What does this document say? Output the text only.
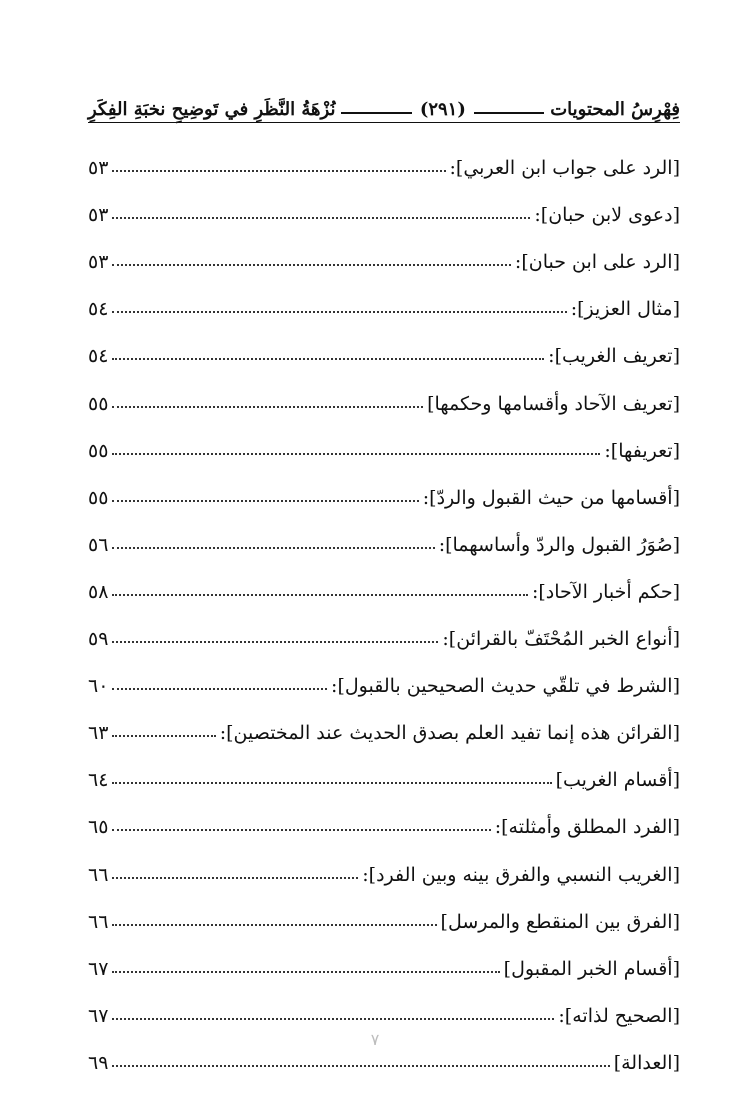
فِهْرِسُ المحتويات
(٢٩١)
نُزْهَةُ النَّظَرِ في تَوضِيحِ نخبَةِ الفِكَرِ
[الرد على جواب ابن العربي]:
٥٣
[دعوى لابن حبان]:
٥٣
[الرد على ابن حبان]:
٥٣
[مثال العزيز]:
٥٤
[تعريف الغريب]:
٥٤
[تعريف الآحاد وأقسامها وحكمها]
٥٥
[تعريفها]:
٥٥
[أقسامها من حيث القبول والردّ]:
٥٥
[صُوَرُ القبول والردّ وأساسهما]:
٥٦
[حكم أخبار الآحاد]:
٥٨
[أنواع الخبر المُحْتَفّ بالقرائن]:
٥٩
[الشرط في تلقّي حديث الصحيحين بالقبول]:
٦٠
[القرائن هذه إنما تفيد العلم بصدق الحديث عند المختصين]:
٦٣
[أقسام الغريب]
٦٤
[الفرد المطلق وأمثلته]:
٦٥
[الغريب النسبي والفرق بينه وبين الفرد]:
٦٦
[الفرق بين المنقطع والمرسل]
٦٦
[أقسام الخبر المقبول]
٦٧
[الصحيح لذاته]:
٦٧
[العدالة]
٦٩
٧
